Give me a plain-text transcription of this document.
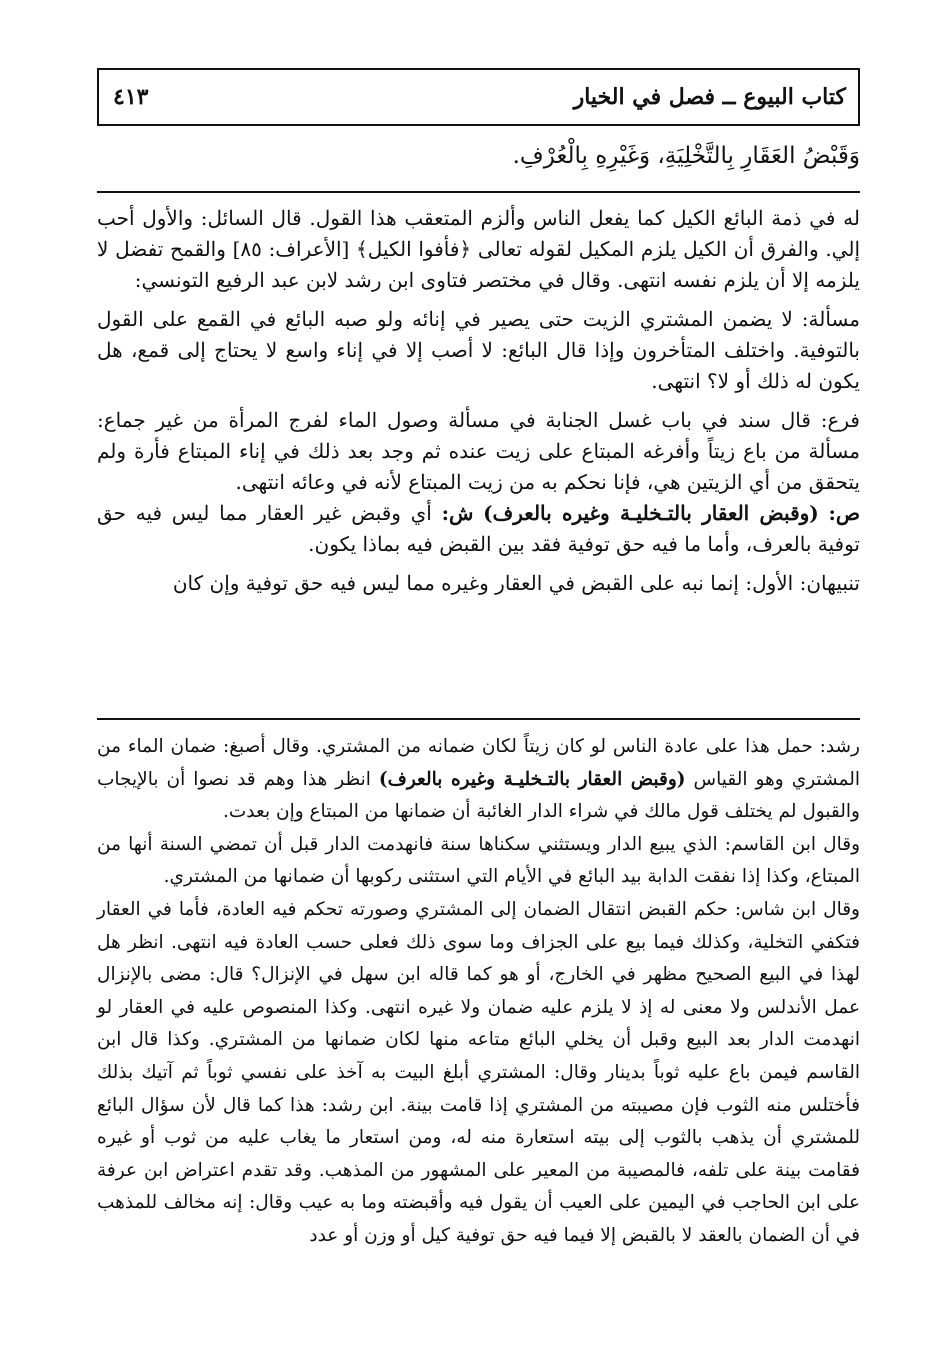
كتاب البيوع ــ فصل في الخيار
٤١٣
وَقَبْضُ العَقَارِ بِالتَّخْلِيَةِ، وَغَيْرِهِ بِالْعُرْفِ.

له في ذمة البائع الكيل كما يفعل الناس وألزم المتعقب هذا القول. قال السائل: والأول أحب إلي. والفرق أن الكيل يلزم المكيل لقوله تعالى ﴿فأفوا الكيل﴾ [الأعراف: ٨٥] والقمح تفضل لا يلزمه إلا أن يلزم نفسه انتهى. وقال في مختصر فتاوى ابن رشد لابن عبد الرفيع التونسي:

مسألة: لا يضمن المشتري الزيت حتى يصير في إنائه ولو صبه البائع في القمع على القول بالتوفية. واختلف المتأخرون وإذا قال البائع: لا أصب إلا في إناء واسع لا يحتاج إلى قمع، هل يكون له ذلك أو لا؟ انتهى.

فرع: قال سند في باب غسل الجنابة في مسألة وصول الماء لفرج المرأة من غير جماع: مسألة من باع زيتاً وأفرغه المبتاع على زيت عنده ثم وجد بعد ذلك في إناء المبتاع فأرة ولم يتحقق من أي الزيتين هي، فإنا نحكم به من زيت المبتاع لأنه في وعائه انتهى.
ص: (وقبض العقار بالتـخليـة وغيره بالعرف) ش: أي وقبض غير العقار مما ليس فيه حق توفية بالعرف، وأما ما فيه حق توفية فقد بين القبض فيه بماذا يكون.

تنبيهان: الأول: إنما نبه على القبض في العقار وغيره مما ليس فيه حق توفية وإن كان

رشد: حمل هذا على عادة الناس لو كان زيتاً لكان ضمانه من المشتري. وقال أصبغ: ضمان الماء من المشتري وهو القياس (وقبض العقار بالتـخليـة وغيره بالعرف) انظر هذا وهم قد نصوا أن بالإيجاب والقبول لم يختلف قول مالك في شراء الدار الغائبة أن ضمانها من المبتاع وإن بعدت.

وقال ابن القاسم: الذي يبيع الدار ويستثني سكناها سنة فانهدمت الدار قبل أن تمضي السنة أنها من المبتاع، وكذا إذا نفقت الدابة بيد البائع في الأيام التي استثنى ركوبها أن ضمانها من المشتري.

وقال ابن شاس: حكم القبض انتقال الضمان إلى المشتري وصورته تحكم فيه العادة، فأما في العقار فتكفي التخلية، وكذلك فيما بيع على الجزاف وما سوى ذلك فعلى حسب العادة فيه انتهى. انظر هل لهذا في البيع الصحيح مظهر في الخارج، أو هو كما قاله ابن سهل في الإنزال؟ قال: مضى بالإنزال عمل الأندلس ولا معنى له إذ لا يلزم عليه ضمان ولا غيره انتهى. وكذا المنصوص عليه في العقار لو انهدمت الدار بعد البيع وقبل أن يخلي البائع متاعه منها لكان ضمانها من المشتري. وكذا قال ابن القاسم فيمن باع عليه ثوباً بدينار وقال: المشتري أبلغ البيت به آخذ على نفسي ثوباً ثم آتيك بذلك فأختلس منه الثوب فإن مصيبته من المشتري إذا قامت بينة. ابن رشد: هذا كما قال لأن سؤال البائع للمشتري أن يذهب بالثوب إلى بيته استعارة منه له، ومن استعار ما يغاب عليه من ثوب أو غيره فقامت بينة على تلفه، فالمصيبة من المعير على المشهور من المذهب. وقد تقدم اعتراض ابن عرفة على ابن الحاجب في اليمين على العيب أن يقول فيه وأقبضته وما به عيب وقال: إنه مخالف للمذهب في أن الضمان بالعقد لا بالقبض إلا فيما فيه حق توفية كيل أو وزن أو عدد
